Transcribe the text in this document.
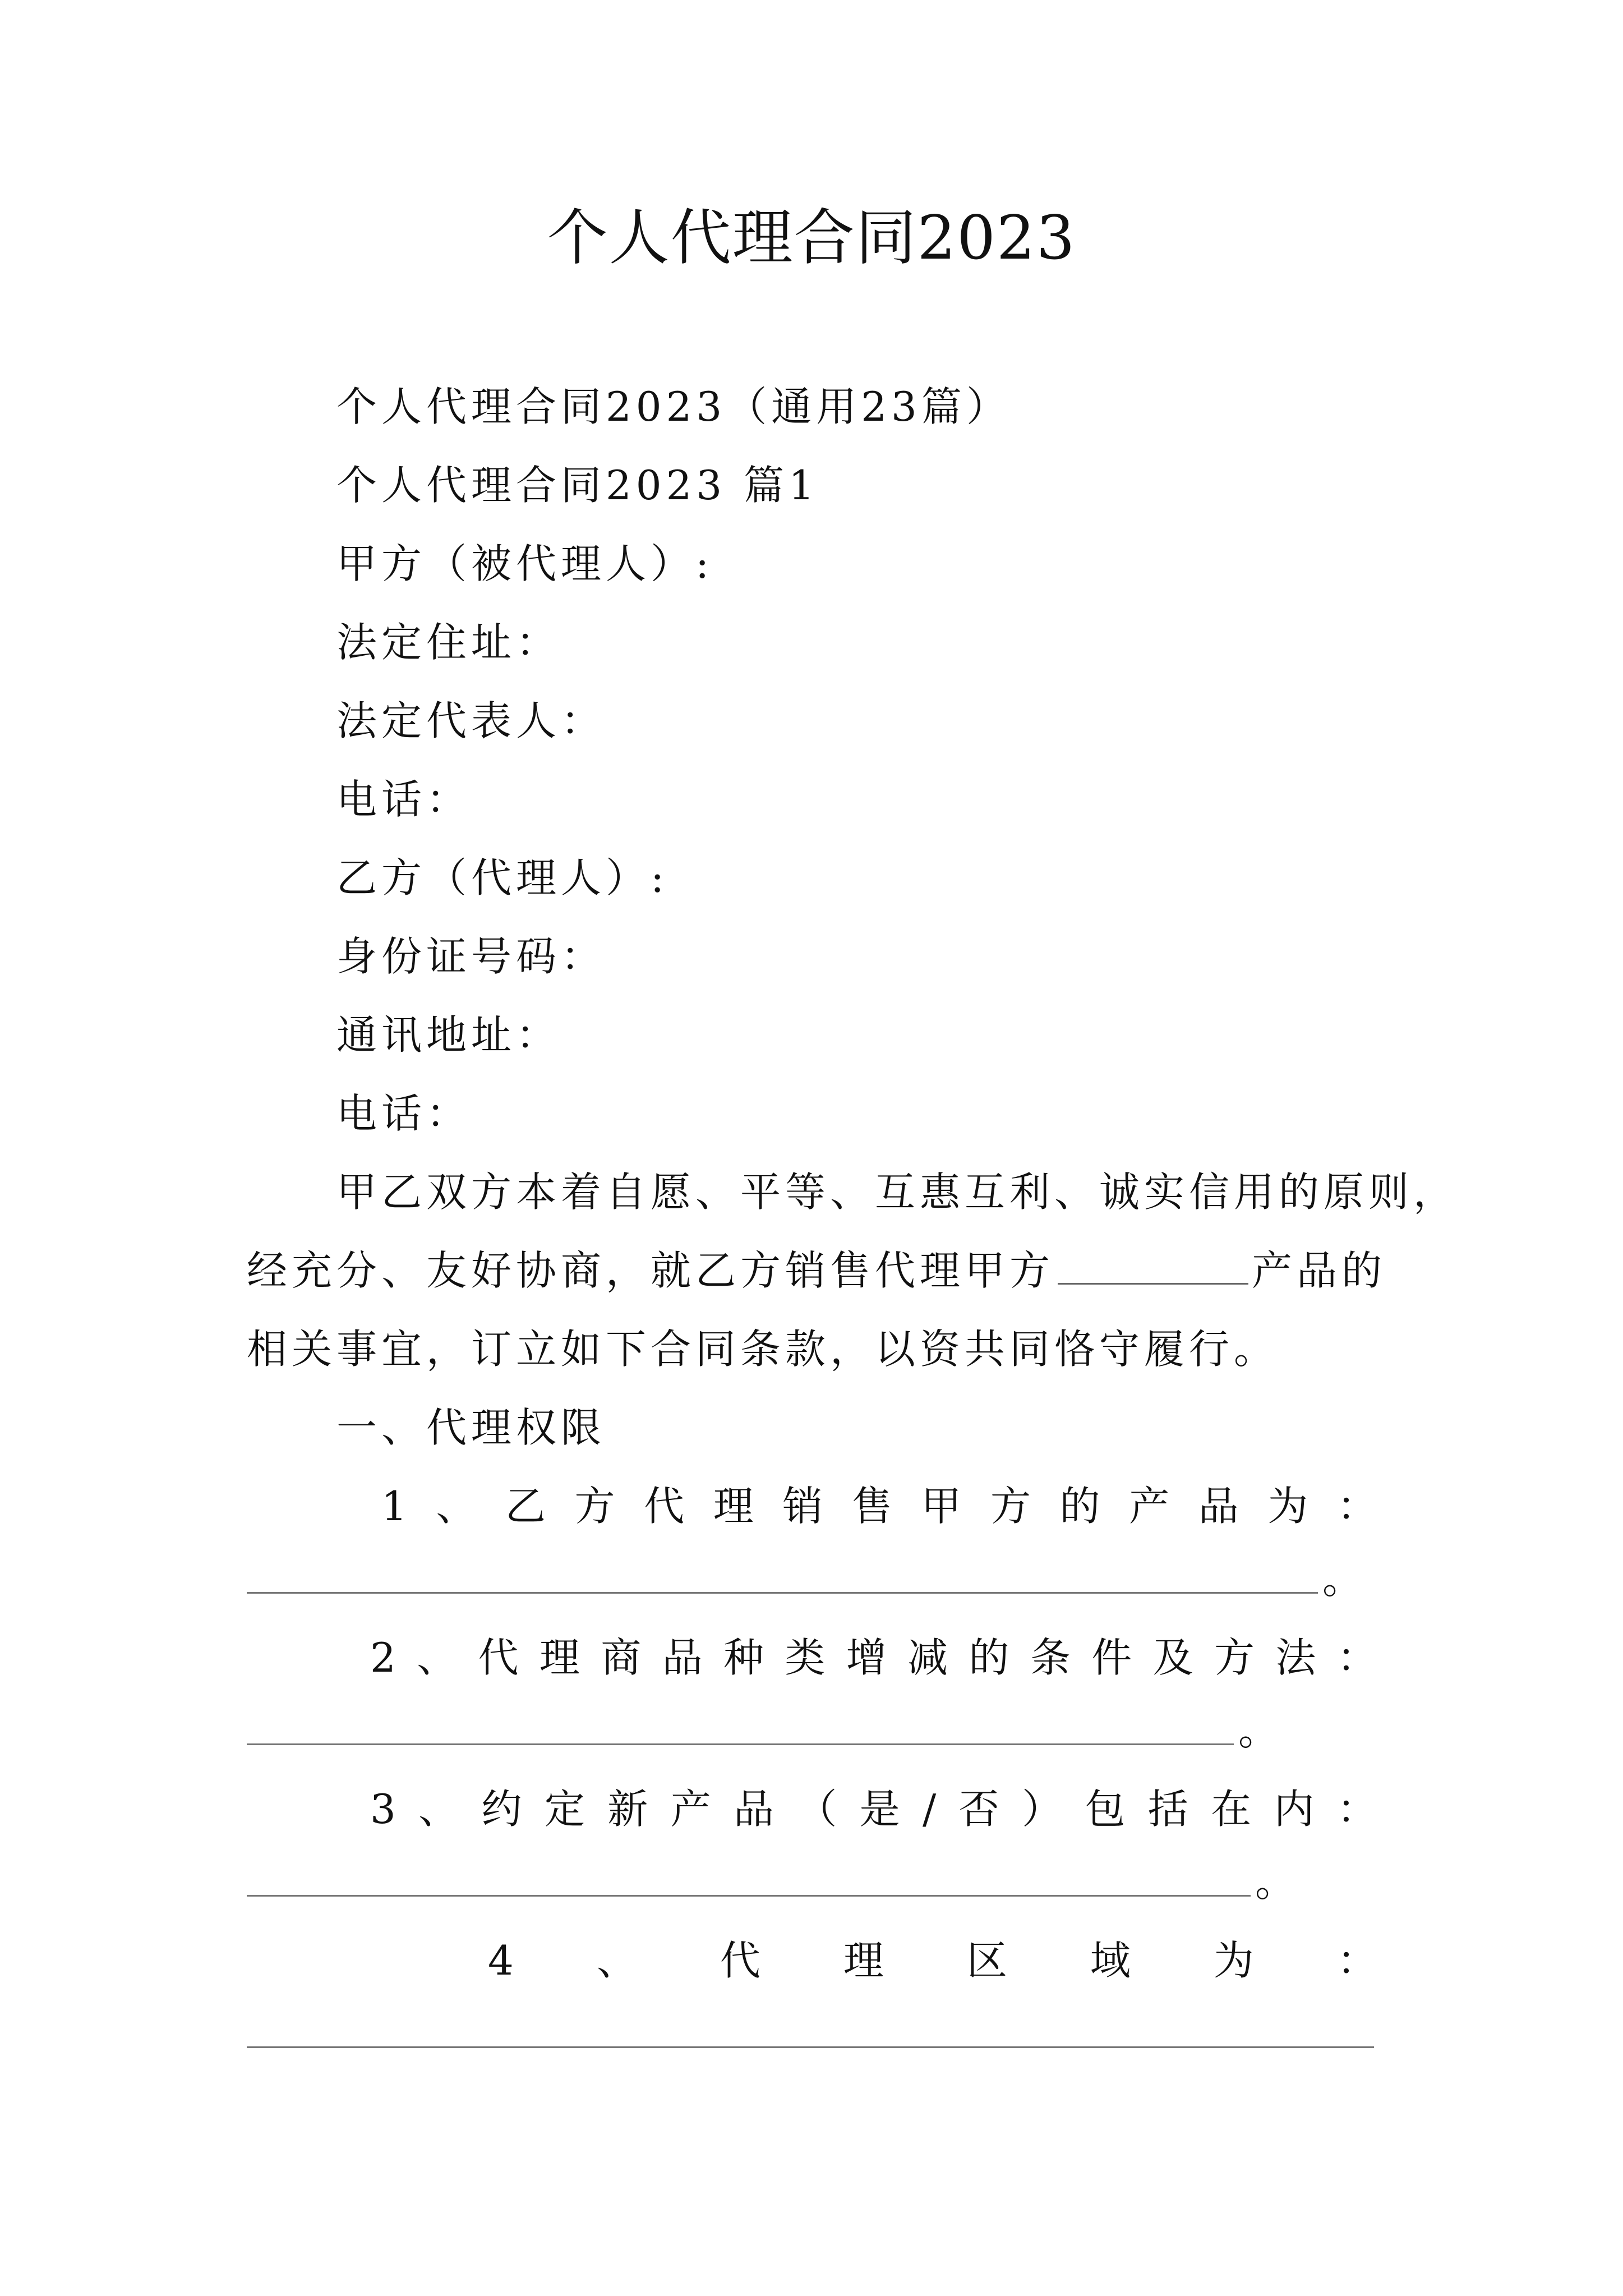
个人代理合同2023
个人代理合同2023（通用23篇）
个人代理合同2023 篇1
甲方（被代理人）:
法定住址：
法定代表人：
电话：
乙方（代理人）:
身份证号码：
通讯地址：
电话：
甲乙双方本着自愿、平等、互惠互利、诚实信用的原则，
经充分、友好协商，就乙方销售代理甲方	产品的
相关事宜，订立如下合同条款，以资共同恪守履行。
一、代理权限
1 、 乙 方 代 理 销 售 甲 方 的 产 品 为 ：
。
2 、 代 理 商 品 种 类 增 减 的 条 件 及 方 法 ：
。
3 、 约 定 新 产 品 （ 是 / 否 ） 包 括 在 内 ：
。
4 、 代 理 区 域 为 ：
